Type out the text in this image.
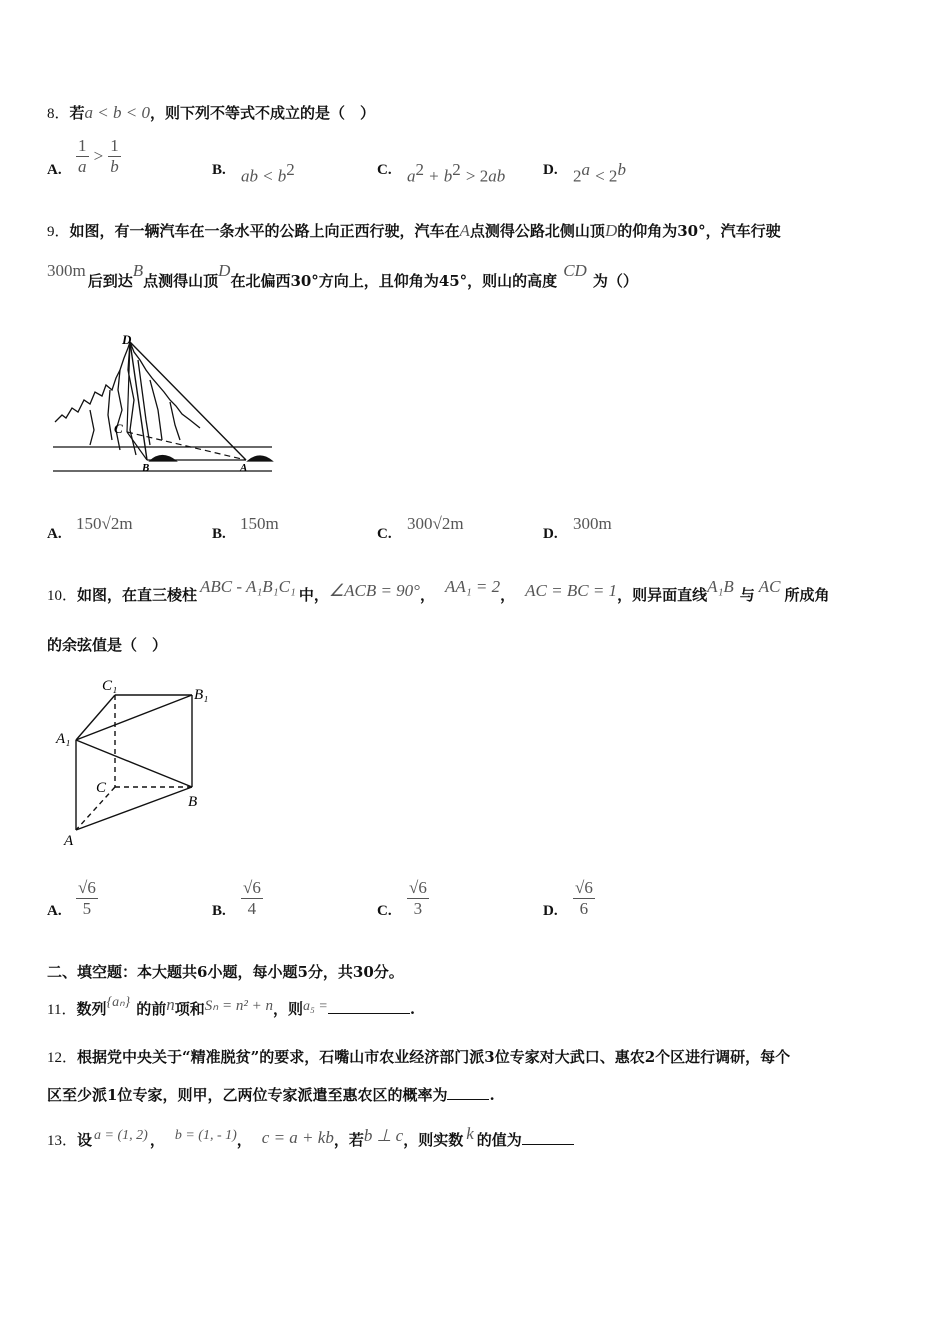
8．若a < b < 0，则下列不等式不成立的是（　）
A. $\frac{1}{a} > \frac{1}{b}$	B. ab < $b^2$	C. $a^2 + b^2 > 2ab$	D. $2^a < 2^b$
9．如图，有一辆汽车在一条水平的公路上向正西行驶，汽车在A点测得公路北侧山顶D的仰角为30°，汽车行驶
300m后到达B点测得山顶D在北偏西30°方向上，且仰角为45°，则山的高度CD为（）
D
C
B	A
A.
150√2m
B.
150m
C.
300√2m
D.
300m
10．如图，在直三棱柱 ABC - A₁B₁C₁ 中，∠ACB = 90°， AA₁ = 2， AC = BC = 1，则异面直线A₁B 与 AC 所成角
的余弦值是（　）
C₁
B₁
A₁
C
B
A
A. $\frac{√6}{5}$	B. $\frac{√6}{4}$	C. $\frac{√6}{3}$	D. $\frac{√6}{6}$
二、填空题：本大题共6小题，每小题5分，共30分。
11．数列{aₙ} 的前n项和Sₙ = n² + n，则a₅ =	.
12．根据党中央关于“精准脱贫”的要求，石嘴山市农业经济部门派3位专家对大武口、惠农2个区进行调研，每个
区至少派1位专家，则甲，乙两位专家派遣至惠农区的概率为	.
13．设 a = (1, 2) ， b = (1, - 1)， c = a + kb，若b ⊥ c，则实数 k 的值为
